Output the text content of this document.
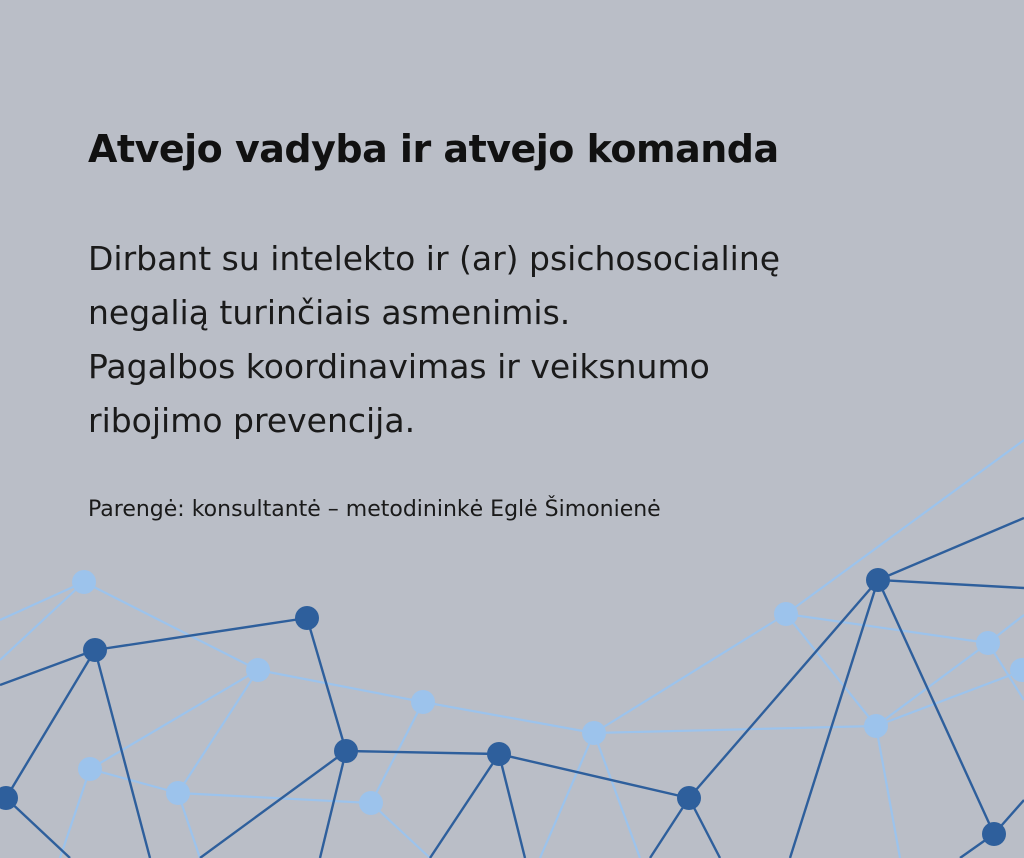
Atvejo vadyba ir atvejo komanda

Dirbant su intelekto ir (ar) psichosocialinę
negalią turinčiais asmenimis.
Pagalbos koordinavimas ir veiksnumo
ribojimo prevencija.

Parengė: konsultantė – metodininkė Eglė Šimonienė
